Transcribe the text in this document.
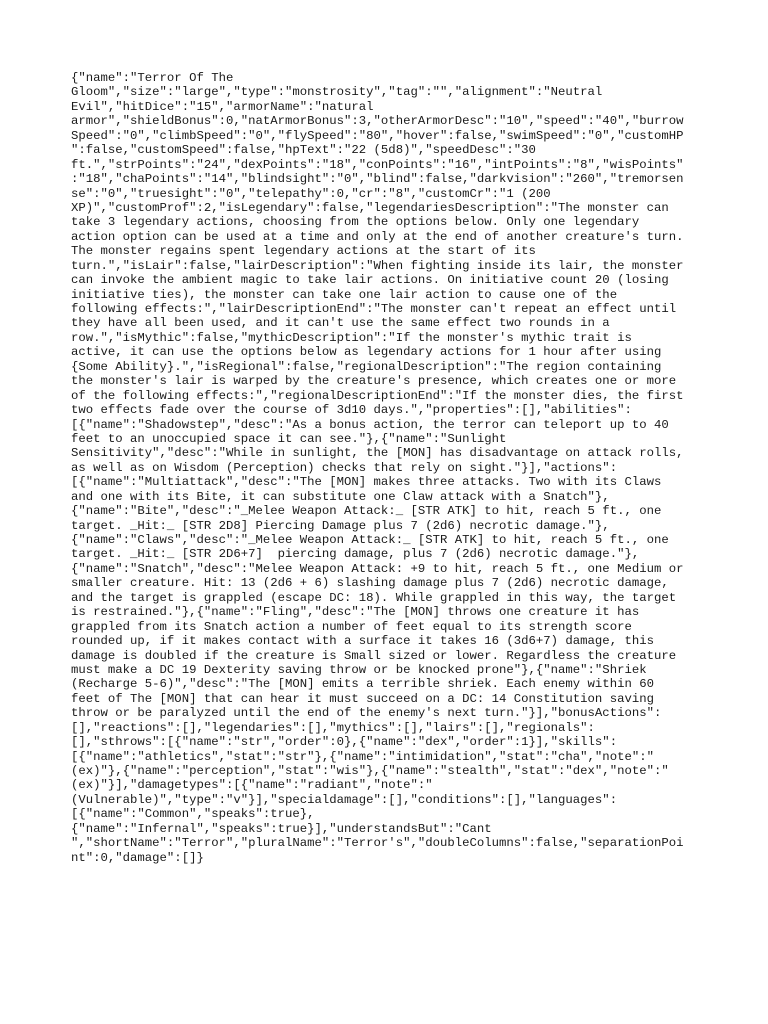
{"name":"Terror Of The
Gloom","size":"large","type":"monstrosity","tag":"","alignment":"Neutral
Evil","hitDice":"15","armorName":"natural
armor","shieldBonus":0,"natArmorBonus":3,"otherArmorDesc":"10","speed":"40","burrow
Speed":"0","climbSpeed":"0","flySpeed":"80","hover":false,"swimSpeed":"0","customHP
":false,"customSpeed":false,"hpText":"22 (5d8)","speedDesc":"30
ft.","strPoints":"24","dexPoints":"18","conPoints":"16","intPoints":"8","wisPoints"
:"18","chaPoints":"14","blindsight":"0","blind":false,"darkvision":"260","tremorsen
se":"0","truesight":"0","telepathy":0,"cr":"8","customCr":"1 (200
XP)","customProf":2,"isLegendary":false,"legendariesDescription":"The monster can
take 3 legendary actions, choosing from the options below. Only one legendary
action option can be used at a time and only at the end of another creature's turn.
The monster regains spent legendary actions at the start of its
turn.","isLair":false,"lairDescription":"When fighting inside its lair, the monster
can invoke the ambient magic to take lair actions. On initiative count 20 (losing
initiative ties), the monster can take one lair action to cause one of the
following effects:","lairDescriptionEnd":"The monster can't repeat an effect until
they have all been used, and it can't use the same effect two rounds in a
row.","isMythic":false,"mythicDescription":"If the monster's mythic trait is
active, it can use the options below as legendary actions for 1 hour after using
{Some Ability}.","isRegional":false,"regionalDescription":"The region containing
the monster's lair is warped by the creature's presence, which creates one or more
of the following effects:","regionalDescriptionEnd":"If the monster dies, the first
two effects fade over the course of 3d10 days.","properties":[],"abilities":
[{"name":"Shadowstep","desc":"As a bonus action, the terror can teleport up to 40
feet to an unoccupied space it can see."},{"name":"Sunlight
Sensitivity","desc":"While in sunlight, the [MON] has disadvantage on attack rolls,
as well as on Wisdom (Perception) checks that rely on sight."}],"actions":
[{"name":"Multiattack","desc":"The [MON] makes three attacks. Two with its Claws
and one with its Bite, it can substitute one Claw attack with a Snatch"},
{"name":"Bite","desc":"_Melee Weapon Attack:_ [STR ATK] to hit, reach 5 ft., one
target. _Hit:_ [STR 2D8] Piercing Damage plus 7 (2d6) necrotic damage."},
{"name":"Claws","desc":"_Melee Weapon Attack:_ [STR ATK] to hit, reach 5 ft., one
target. _Hit:_ [STR 2D6+7]  piercing damage, plus 7 (2d6) necrotic damage."},
{"name":"Snatch","desc":"Melee Weapon Attack: +9 to hit, reach 5 ft., one Medium or
smaller creature. Hit: 13 (2d6 + 6) slashing damage plus 7 (2d6) necrotic damage,
and the target is grappled (escape DC: 18). While grappled in this way, the target
is restrained."},{"name":"Fling","desc":"The [MON] throws one creature it has
grappled from its Snatch action a number of feet equal to its strength score
rounded up, if it makes contact with a surface it takes 16 (3d6+7) damage, this
damage is doubled if the creature is Small sized or lower. Regardless the creature
must make a DC 19 Dexterity saving throw or be knocked prone"},{"name":"Shriek
(Recharge 5-6)","desc":"The [MON] emits a terrible shriek. Each enemy within 60
feet of The [MON] that can hear it must succeed on a DC: 14 Constitution saving
throw or be paralyzed until the end of the enemy's next turn."}],"bonusActions":
[],"reactions":[],"legendaries":[],"mythics":[],"lairs":[],"regionals":
[],"sthrows":[{"name":"str","order":0},{"name":"dex","order":1}],"skills":
[{"name":"athletics","stat":"str"},{"name":"intimidation","stat":"cha","note":"
(ex)"},{"name":"perception","stat":"wis"},{"name":"stealth","stat":"dex","note":"
(ex)"}],"damagetypes":[{"name":"radiant","note":"
(Vulnerable)","type":"v"}],"specialdamage":[],"conditions":[],"languages":
[{"name":"Common","speaks":true},
{"name":"Infernal","speaks":true}],"understandsBut":"Cant
","shortName":"Terror","pluralName":"Terror's","doubleColumns":false,"separationPoi
nt":0,"damage":[]}
